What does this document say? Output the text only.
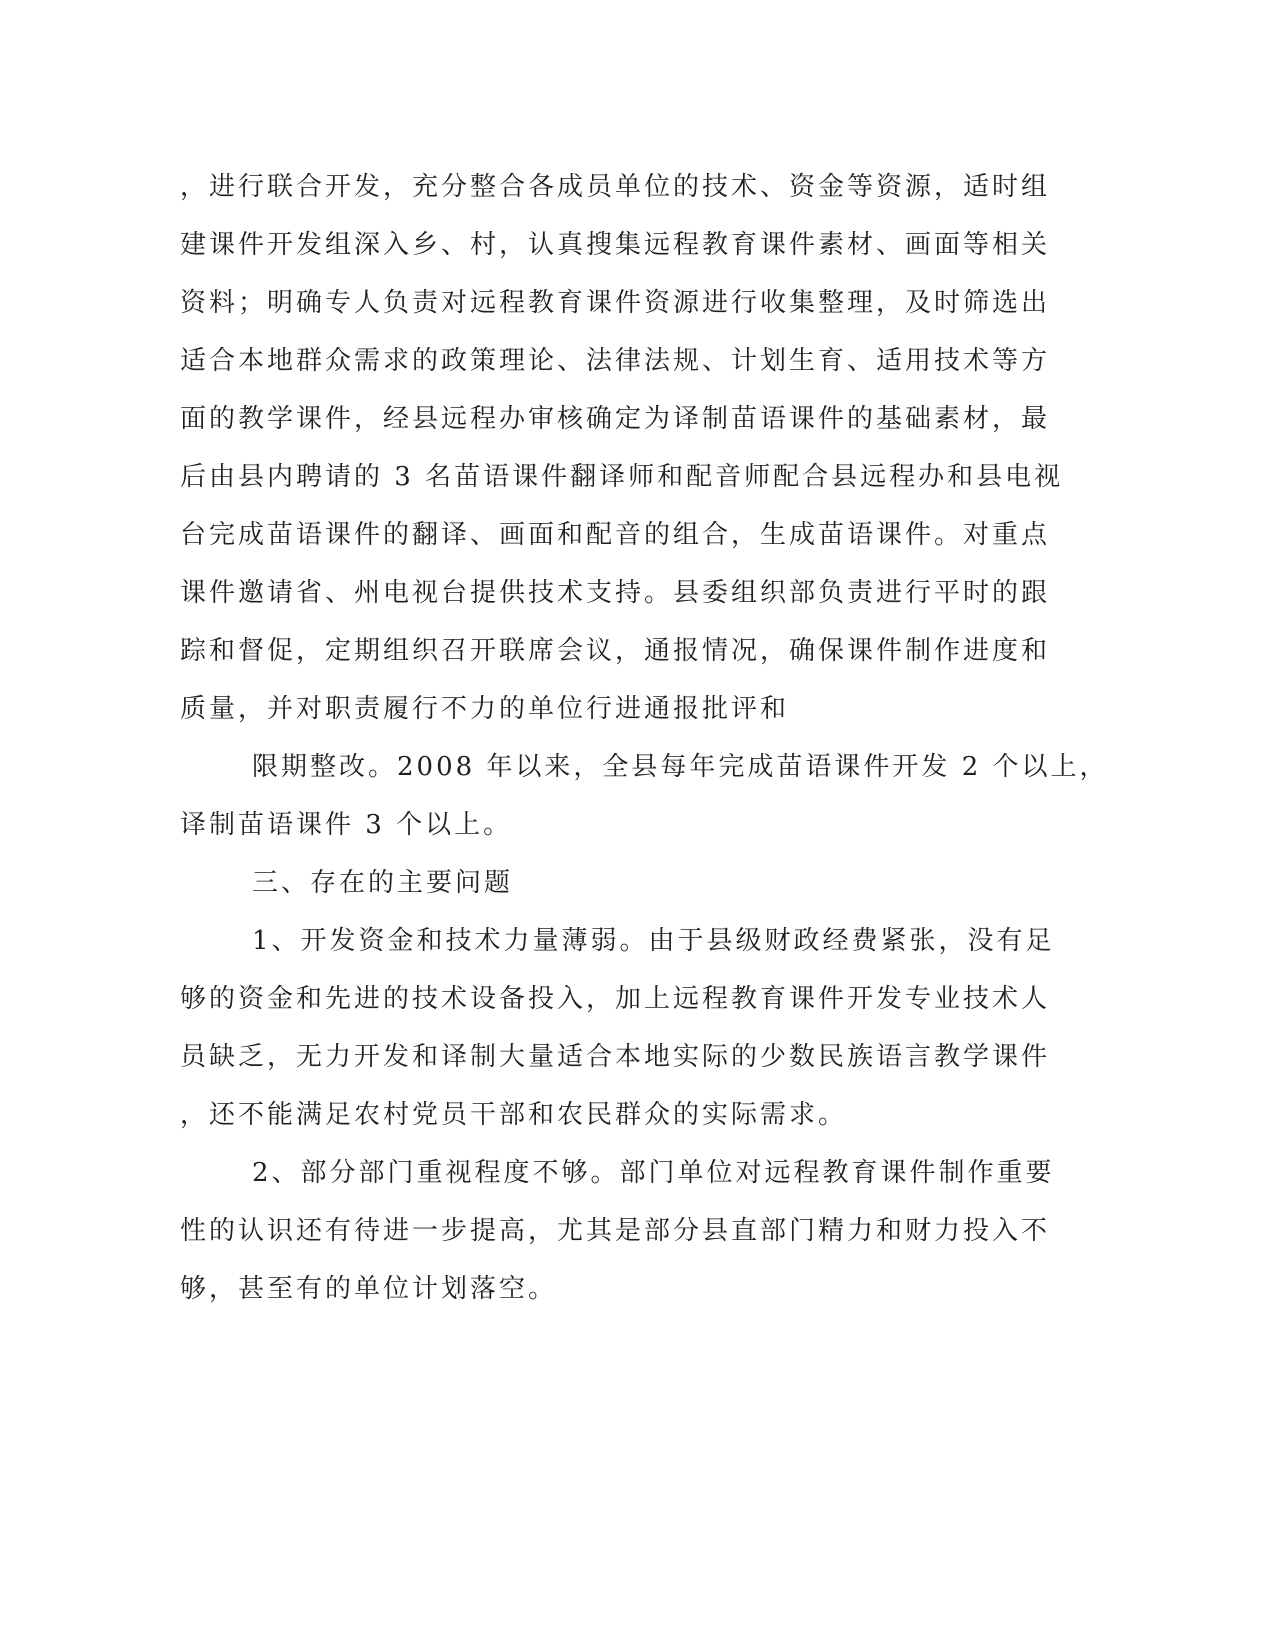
，进行联合开发，充分整合各成员单位的技术、资金等资源，适时组
建课件开发组深入乡、村，认真搜集远程教育课件素材、画面等相关
资料；明确专人负责对远程教育课件资源进行收集整理，及时筛选出
适合本地群众需求的政策理论、法律法规、计划生育、适用技术等方
面的教学课件，经县远程办审核确定为译制苗语课件的基础素材，最
后由县内聘请的 3 名苗语课件翻译师和配音师配合县远程办和县电视
台完成苗语课件的翻译、画面和配音的组合，生成苗语课件。对重点
课件邀请省、州电视台提供技术支持。县委组织部负责进行平时的跟
踪和督促，定期组织召开联席会议，通报情况，确保课件制作进度和
质量，并对职责履行不力的单位行进通报批评和
限期整改。2008 年以来，全县每年完成苗语课件开发 2 个以上，
译制苗语课件 3 个以上。
三、存在的主要问题
1、开发资金和技术力量薄弱。由于县级财政经费紧张，没有足
够的资金和先进的技术设备投入，加上远程教育课件开发专业技术人
员缺乏，无力开发和译制大量适合本地实际的少数民族语言教学课件
，还不能满足农村党员干部和农民群众的实际需求。
2、部分部门重视程度不够。部门单位对远程教育课件制作重要
性的认识还有待进一步提高，尤其是部分县直部门精力和财力投入不
够，甚至有的单位计划落空。
